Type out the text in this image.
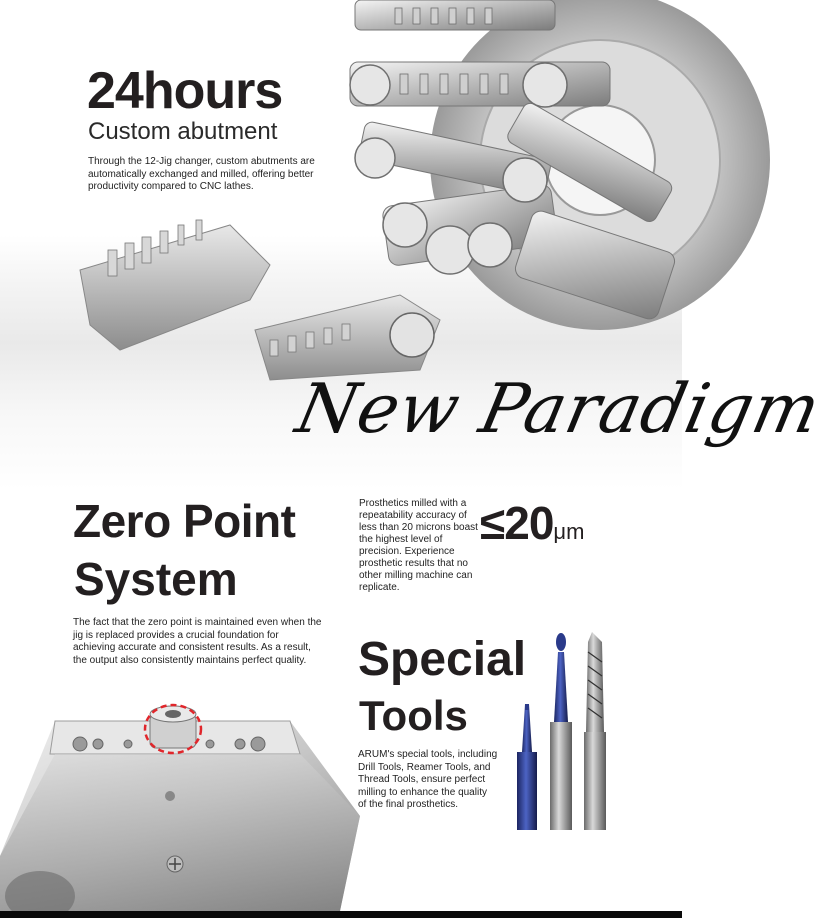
24hours
Custom abutment
Through the 12-Jig changer, custom abutments are automatically exchanged and milled, offering better productivity compared to CNC lathes.
New Paradigm
Zero Point
System
The fact that the zero point is maintained even when the jig is replaced provides a crucial foundation for achieving accurate and consistent results. As a result, the output also consistently maintains perfect quality.
Prosthetics milled with a repeatability accuracy of less than 20 microns boast the highest level of precision. Experience prosthetic results that no other milling machine can replicate.
≤20μm
Special
Tools
ARUM's special tools, including Drill Tools, Reamer Tools, and Thread Tools, ensure perfect milling to enhance the quality of the final prosthetics.
